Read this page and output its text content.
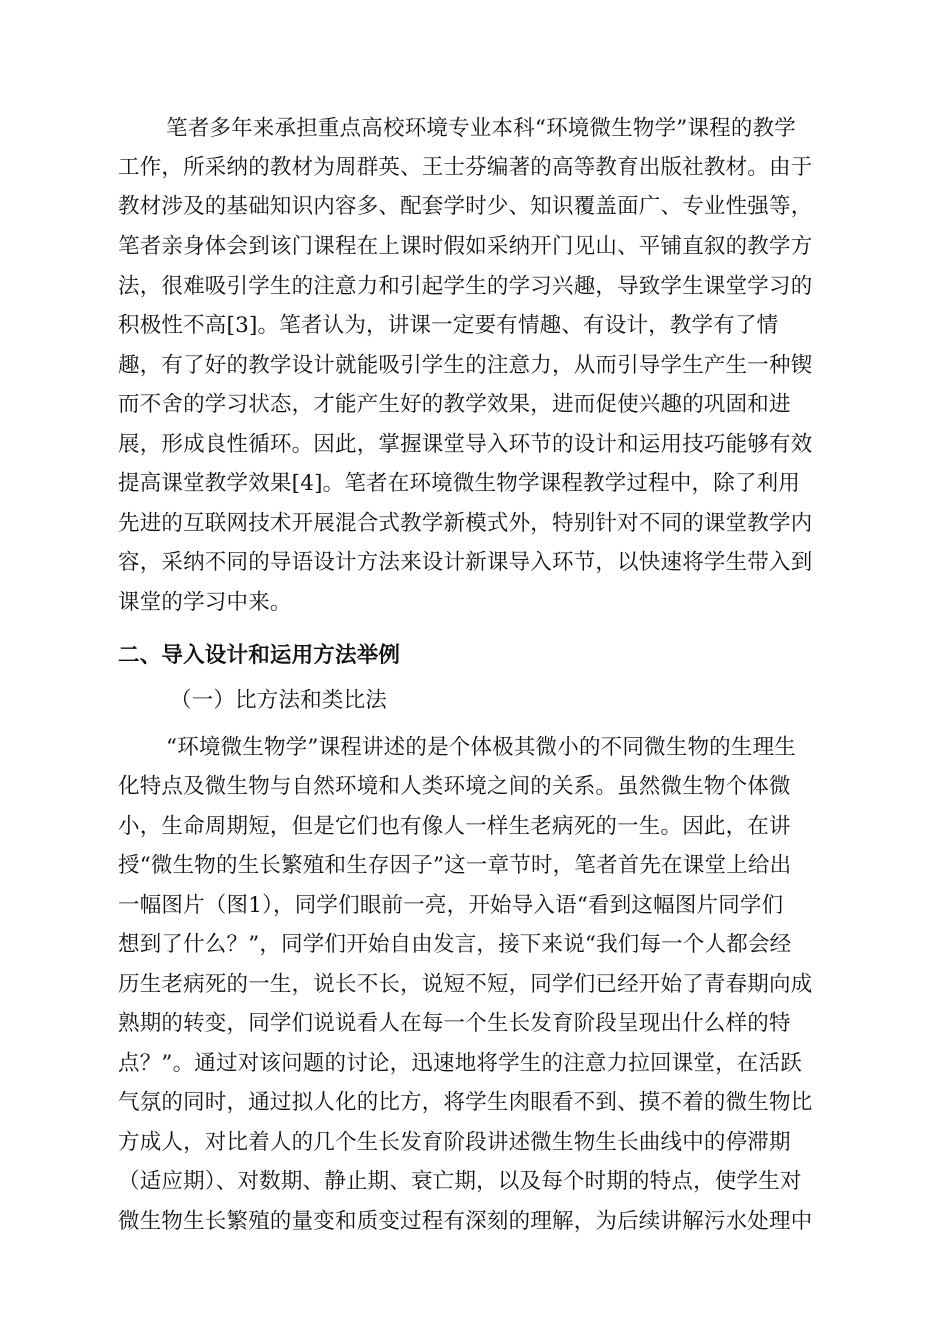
笔者多年来承担重点高校环境专业本科“环境微生物学”课程的教学
工作，所采纳的教材为周群英、王士芬编著的高等教育出版社教材。由于
教材涉及的基础知识内容多、配套学时少、知识覆盖面广、专业性强等，
笔者亲身体会到该门课程在上课时假如采纳开门见山、平铺直叙的教学方
法，很难吸引学生的注意力和引起学生的学习兴趣，导致学生课堂学习的
积极性不高[3]。笔者认为，讲课一定要有情趣、有设计，教学有了情
趣，有了好的教学设计就能吸引学生的注意力，从而引导学生产生一种锲
而不舍的学习状态，才能产生好的教学效果，进而促使兴趣的巩固和进
展，形成良性循环。因此，掌握课堂导入环节的设计和运用技巧能够有效
提高课堂教学效果[4]。笔者在环境微生物学课程教学过程中，除了利用
先进的互联网技术开展混合式教学新模式外，特别针对不同的课堂教学内
容，采纳不同的导语设计方法来设计新课导入环节，以快速将学生带入到
课堂的学习中来。
二、导入设计和运用方法举例
（一）比方法和类比法
“环境微生物学”课程讲述的是个体极其微小的不同微生物的生理生
化特点及微生物与自然环境和人类环境之间的关系。虽然微生物个体微
小，生命周期短，但是它们也有像人一样生老病死的一生。因此，在讲
授“微生物的生长繁殖和生存因子”这一章节时，笔者首先在课堂上给出
一幅图片（图1），同学们眼前一亮，开始导入语“看到这幅图片同学们
想到了什么？”，同学们开始自由发言，接下来说“我们每一个人都会经
历生老病死的一生，说长不长，说短不短，同学们已经开始了青春期向成
熟期的转变，同学们说说看人在每一个生长发育阶段呈现出什么样的特
点？”。通过对该问题的讨论，迅速地将学生的注意力拉回课堂，在活跃
气氛的同时，通过拟人化的比方，将学生肉眼看不到、摸不着的微生物比
方成人，对比着人的几个生长发育阶段讲述微生物生长曲线中的停滞期
（适应期）、对数期、静止期、衰亡期，以及每个时期的特点，使学生对
微生物生长繁殖的量变和质变过程有深刻的理解，为后续讲解污水处理中
